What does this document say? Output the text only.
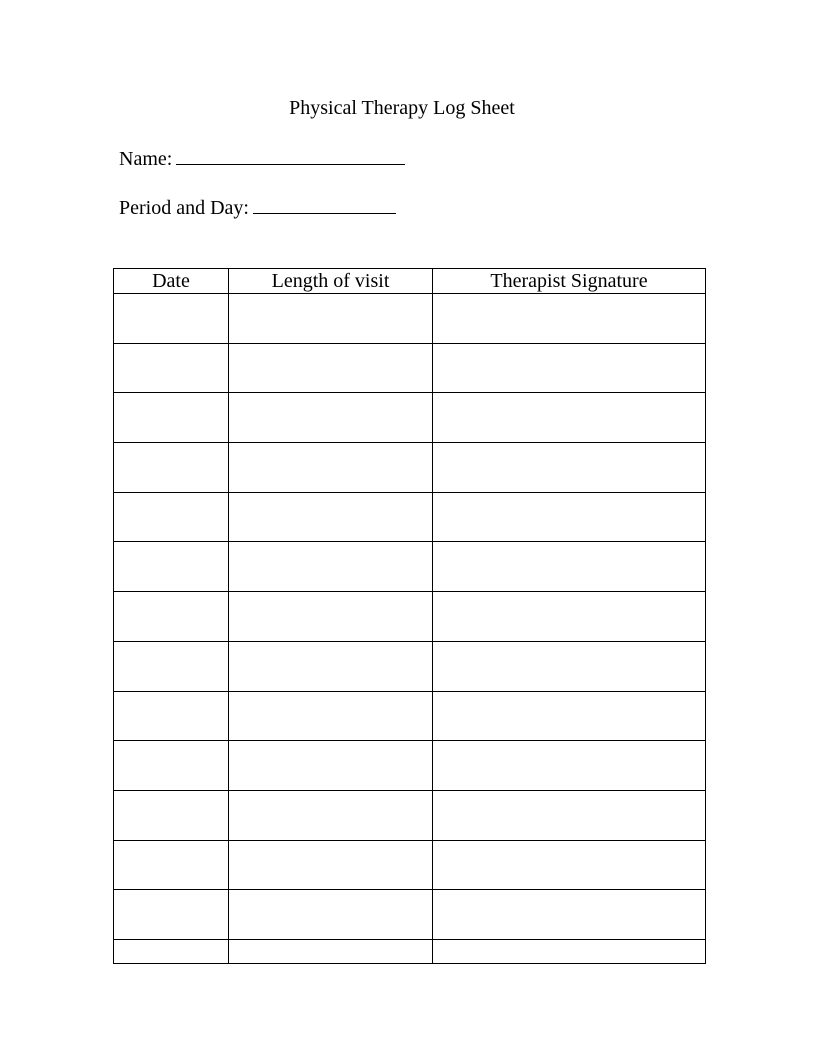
Physical Therapy Log Sheet
Name:
Period and Day:
Date	Length of visit	Therapist Signature
